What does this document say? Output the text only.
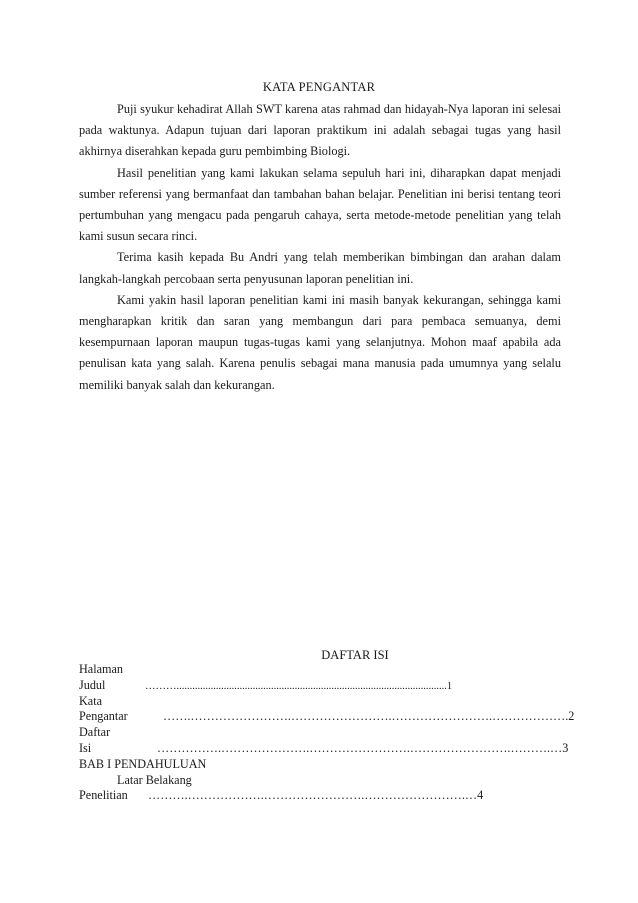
KATA PENGANTAR

Puji syukur kehadirat Allah SWT karena atas rahmad dan hidayah-Nya laporan ini selesai pada waktunya. Adapun tujuan dari laporan praktikum ini adalah sebagai tugas yang hasil akhirnya diserahkan kepada guru pembimbing Biologi.

Hasil penelitian yang kami lakukan selama sepuluh hari ini, diharapkan dapat menjadi sumber referensi yang bermanfaat dan tambahan bahan belajar. Penelitian ini berisi tentang teori pertumbuhan yang mengacu pada pengaruh cahaya, serta metode-metode penelitian yang telah kami susun secara rinci.

Terima kasih kepada Bu Andri yang telah memberikan bimbingan dan arahan dalam langkah-langkah percobaan serta penyusunan laporan penelitian ini.

Kami yakin hasil laporan penelitian kami ini masih banyak kekurangan, sehingga kami mengharapkan kritik dan saran yang membangun dari para pembaca semuanya, demi kesempurnaan laporan maupun tugas-tugas kami yang selanjutnya. Mohon maaf apabila ada penulisan kata yang salah. Karena penulis sebagai mana manusia pada umumnya yang selalu memiliki banyak salah dan kekurangan.

DAFTAR ISI
Halaman
Judul	……….......................................................................................................1
Kata
Pengantar	…….…………………….…………………….…………………….……………….2
Daftar
Isi	…………….………………….…………………….…………………….……….…3
BAB I PENDAHULUAN
Latar Belakang
Penelitian ……….……………….…………………….…………………….…4
